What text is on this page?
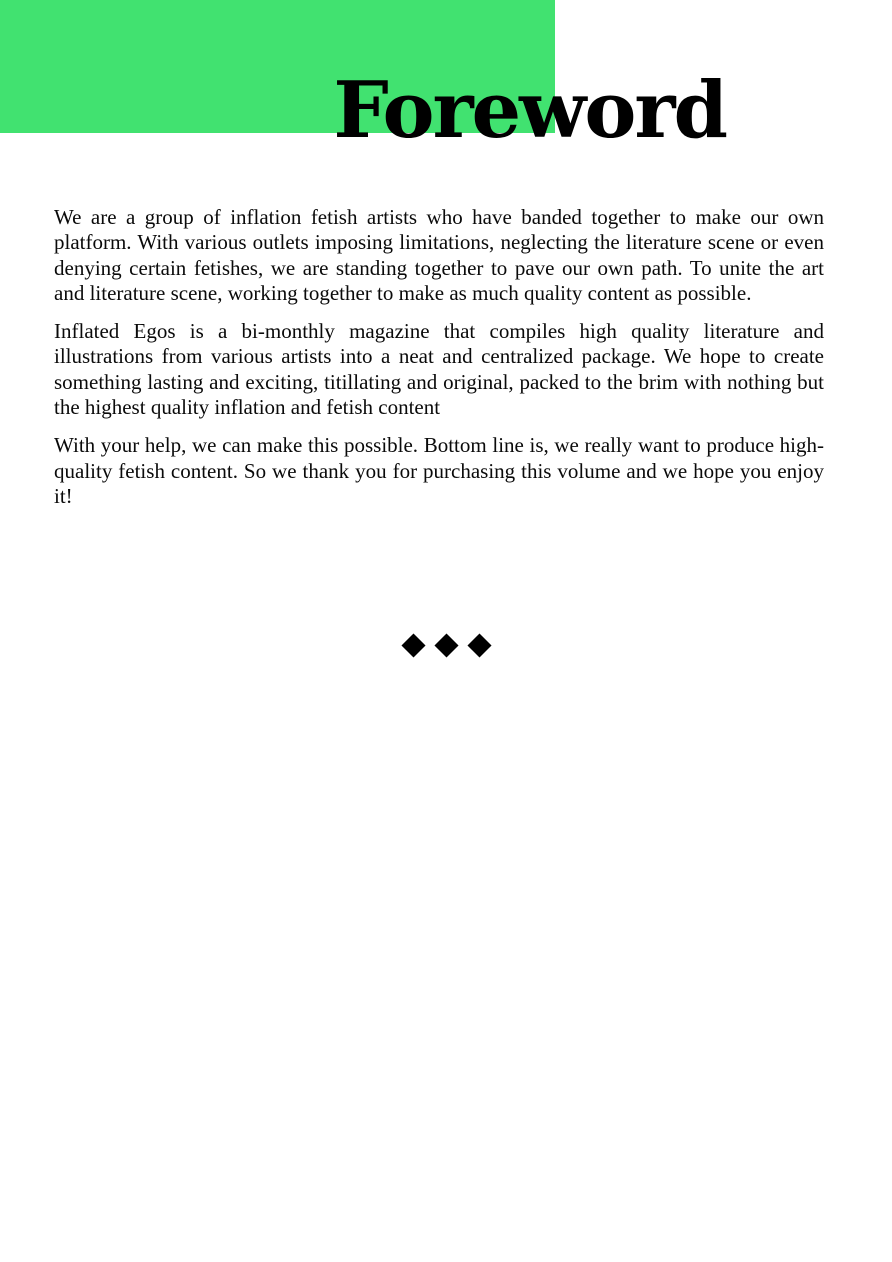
Foreword

We are a group of inflation fetish artists who have banded together to make our own platform. With various outlets imposing limitations, neglecting the literature scene or even denying certain fetishes, we are standing together to pave our own path. To unite the art and literature scene, working together to make as much quality content as possible.

Inflated Egos is a bi-monthly magazine that compiles high quality literature and illustrations from various artists into a neat and centralized package. We hope to create something lasting and exciting, titillating and original, packed to the brim with nothing but the highest quality inflation and fetish content

With your help, we can make this possible. Bottom line is, we really want to produce high-quality fetish content. So we thank you for purchasing this volume and we hope you enjoy it!
